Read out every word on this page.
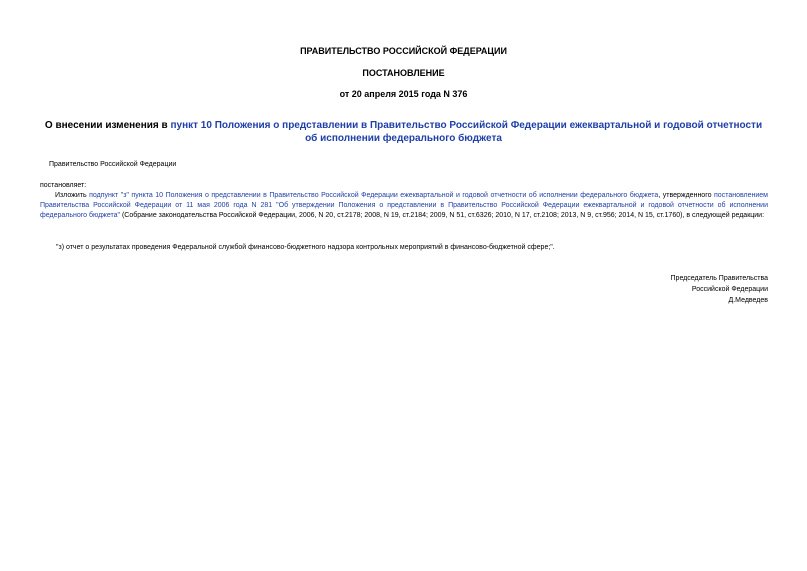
ПРАВИТЕЛЬСТВО РОССИЙСКОЙ ФЕДЕРАЦИИ
ПОСТАНОВЛЕНИЕ
от 20 апреля 2015 года N 376
О внесении изменения в пункт 10 Положения о представлении в Правительство Российской Федерации ежеквартальной и годовой отчетности об исполнении федерального бюджета
Правительство Российской Федерации
постановляет:
Изложить подпункт "з" пункта 10 Положения о представлении в Правительство Российской Федерации ежеквартальной и годовой отчетности об исполнении федерального бюджета, утвержденного постановлением Правительства Российской Федерации от 11 мая 2006 года N 281 "Об утверждении Положения о представлении в Правительство Российской Федерации ежеквартальной и годовой отчетности об исполнении федерального бюджета" (Собрание законодательства Российской Федерации, 2006, N 20, ст.2178; 2008, N 19, ст.2184; 2009, N 51, ст.6326; 2010, N 17, ст.2108; 2013, N 9, ст.956; 2014, N 15, ст.1760), в следующей редакции:
"з) отчет о результатах проведения Федеральной службой финансово-бюджетного надзора контрольных мероприятий в финансово-бюджетной сфере;".
Председатель Правительства
Российской Федерации
Д.Медведев
